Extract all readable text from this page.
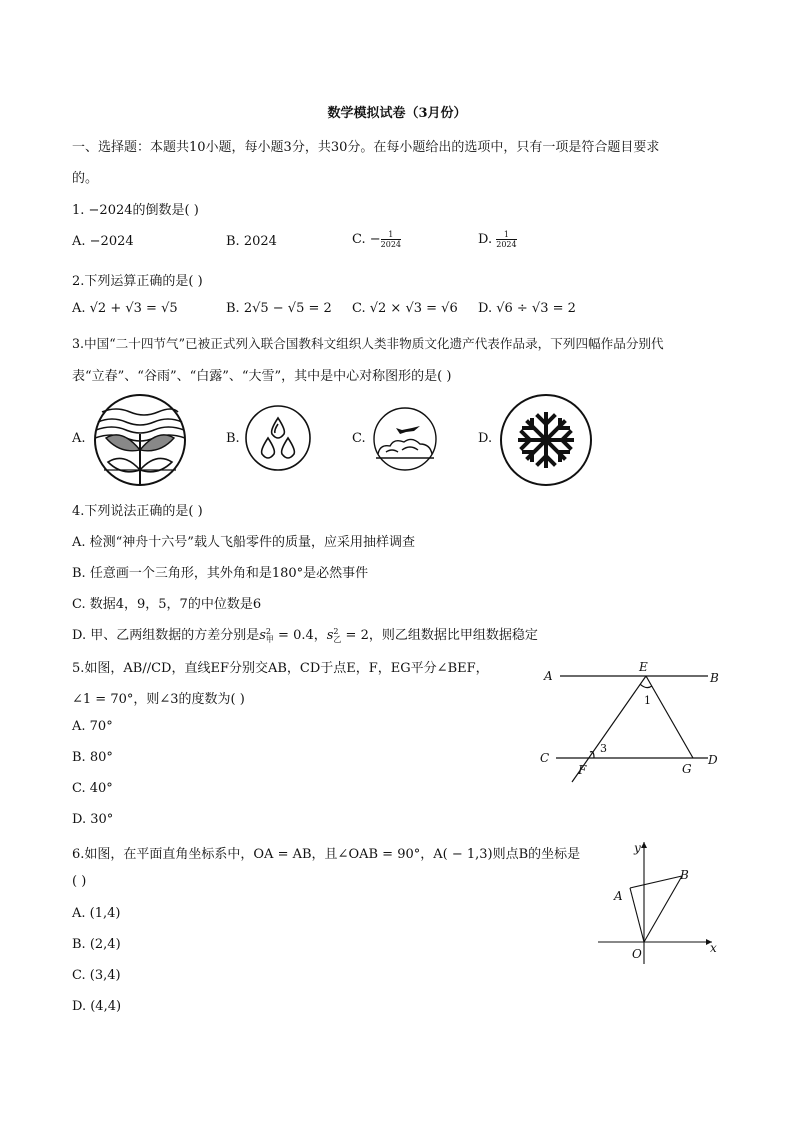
数学模拟试卷（3月份）
一、选择题：本题共10小题，每小题3分，共30分。在每小题给出的选项中，只有一项是符合题目要求
的。
1. −2024的倒数是( )
A. −2024	B. 2024	C. − $\frac{1}{2024}$	D. $\frac{1}{2024}$
2.下列运算正确的是( )
A. √2 + √3 = √5	B. 2√5 − √5 = 2 C. √2 × √3 = √6 D. √6 ÷ √3 = 2
3.中国“二十四节气”已被正式列入联合国教科文组织人类非物质文化遗产代表作品录，下列四幅作品分别代
表“立春”、“谷雨”、“白露”、“大雪”，其中是中心对称图形的是( )
A.	B.	C.	D.
4.下列说法正确的是( )
A. 检测“神舟十六号”载人飞船零件的质量，应采用抽样调查
B. 任意画一个三角形，其外角和是180°是必然事件
C. 数据4，9，5，7的中位数是6
D. 甲、乙两组数据的方差分别是s 2
甲 = 0.4，s 2
乙 = 2，则乙组数据比甲组数据稳定
5.如图，AB//CD，直线EF分别交AB，CD于点E，F，EG平分∠BEF，
∠1 = 70°，则∠3的度数为( )
A. 70°
B. 80°
C. 40°
D. 30°
A	B
C	D
E
F	G
1
3
6.如图，在平面直角坐标系中，OA = AB，且∠OAB = 90°，A( − 1,3)则点B的坐标是
( )
A. (1,4)
B. (2,4)
C. (3,4)
D. (4,4)
y
x
O
A
B
